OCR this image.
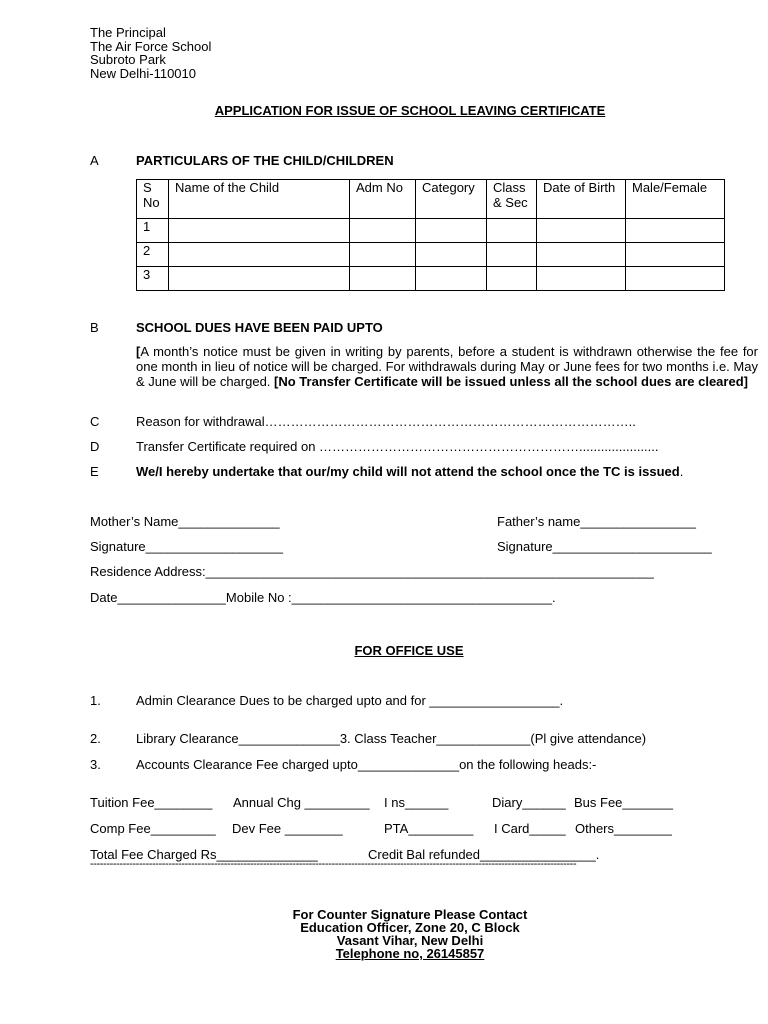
The Principal
The Air Force School
Subroto Park
New Delhi-110010
APPLICATION FOR ISSUE OF SCHOOL LEAVING CERTIFICATE
A	PARTICULARS OF THE CHILD/CHILDREN
S No	Name of the Child	Adm No	Category	Class & Sec	Date of Birth	Male/Female
1						
2						
3						
B	SCHOOL DUES HAVE BEEN PAID UPTO
[A month’s notice must be given in writing by parents, before a student is withdrawn otherwise the fee for one month in lieu of notice will be charged. For withdrawals during May or June fees for two months i.e. May & June will be charged. [No Transfer Certificate will be issued unless all the school dues are cleared]
C	Reason for withdrawal…………………………………………………………………………..
D	Transfer Certificate required on ……………………………………………………......................
E	We/I hereby undertake that our/my child will not attend the school once the TC is issued.
Mother’s Name______________	Father’s name________________
Signature___________________	Signature______________________
Residence Address:______________________________________________________________
Date_______________Mobile No :____________________________________.
FOR OFFICE USE
1.	Admin Clearance Dues to be charged upto and for __________________.
2.	Library Clearance______________3. Class Teacher_____________(Pl give attendance)
3.	Accounts Clearance Fee charged upto______________on the following heads:-
Tuition Fee________ Annual Chg _________ I ns______	Diary______ Bus Fee_______
Comp Fee_________ Dev Fee ________	PTA_________ I Card_____ Others________
Total Fee Charged Rs______________	Credit Bal refunded________________.
-----------------------------------------------------------------------------------------------------------------------------------------------------
For Counter Signature Please Contact
Education Officer, Zone 20, C Block
Vasant Vihar, New Delhi
Telephone no, 26145857
